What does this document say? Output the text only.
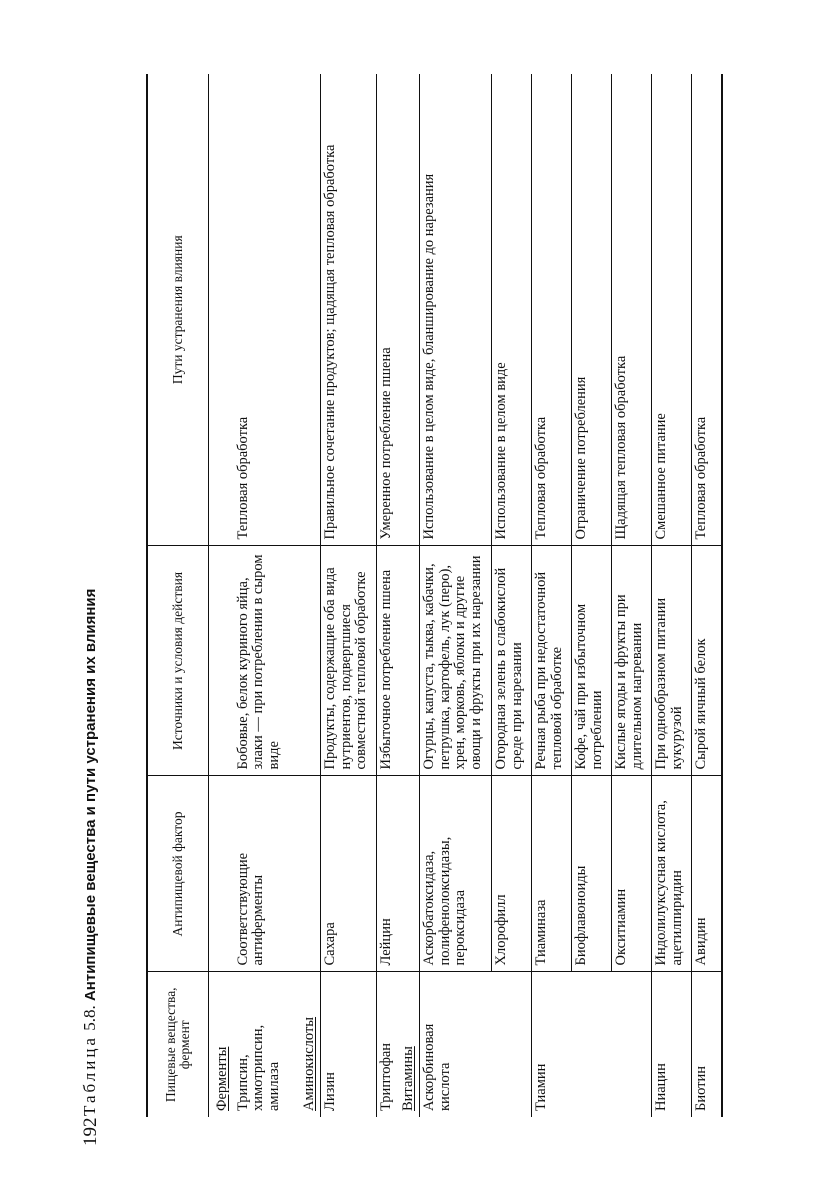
192
Таблица 5.8. Антипищевые вещества и пути устранения их влияния
Пищевые вещества, фермент	Антипищевой фактор	Источники и условия действия	Пути устранения влияния
Ферменты			
Трипсин, химотрипсин, амилаза	Соответствующие антиферменты	Бобовые, белок куриного яйца, злаки — при потреблении в сыром виде	Тепловая обработка
Аминокислоты			
Лизин	Сахара	Продукты, содержащие оба вида нутриентов, подвергшиеся совместной тепловой обработке	Правильное сочетание продуктов; щадящая тепловая обработка
Триптофан	Лейцин	Избыточное потребление пшена	Умеренное потребление пшена
Витамины			
Аскорбиновая кислота	Аскорбатоксидаза, полифенолоксидазы, пероксидаза	Огурцы, капуста, тыква, кабачки, петрушка, картофель, лук (перо), хрен, морковь, яблоки и другие овощи и фрукты при их нарезании	Использование в целом виде, бланширование до нарезания
	Хлорофилл	Огородная зелень в слабокислой среде при нарезании	Использование в целом виде
Тиамин	Тиаминаза	Речная рыба при недостаточной тепловой обработке	Тепловая обработка
	Биофлавоноиды	Кофе, чай при избыточном потреблении	Ограничение потребления
	Окситиамин	Кислые ягоды и фрукты при длительном нагревании	Щадящая тепловая обработка
Ниацин	Индолилуксусная кислота, ацетилпиридин	При однообразном питании кукурузой	Смешанное питание
Биотин	Авидин	Сырой яичный белок	Тепловая обработка
